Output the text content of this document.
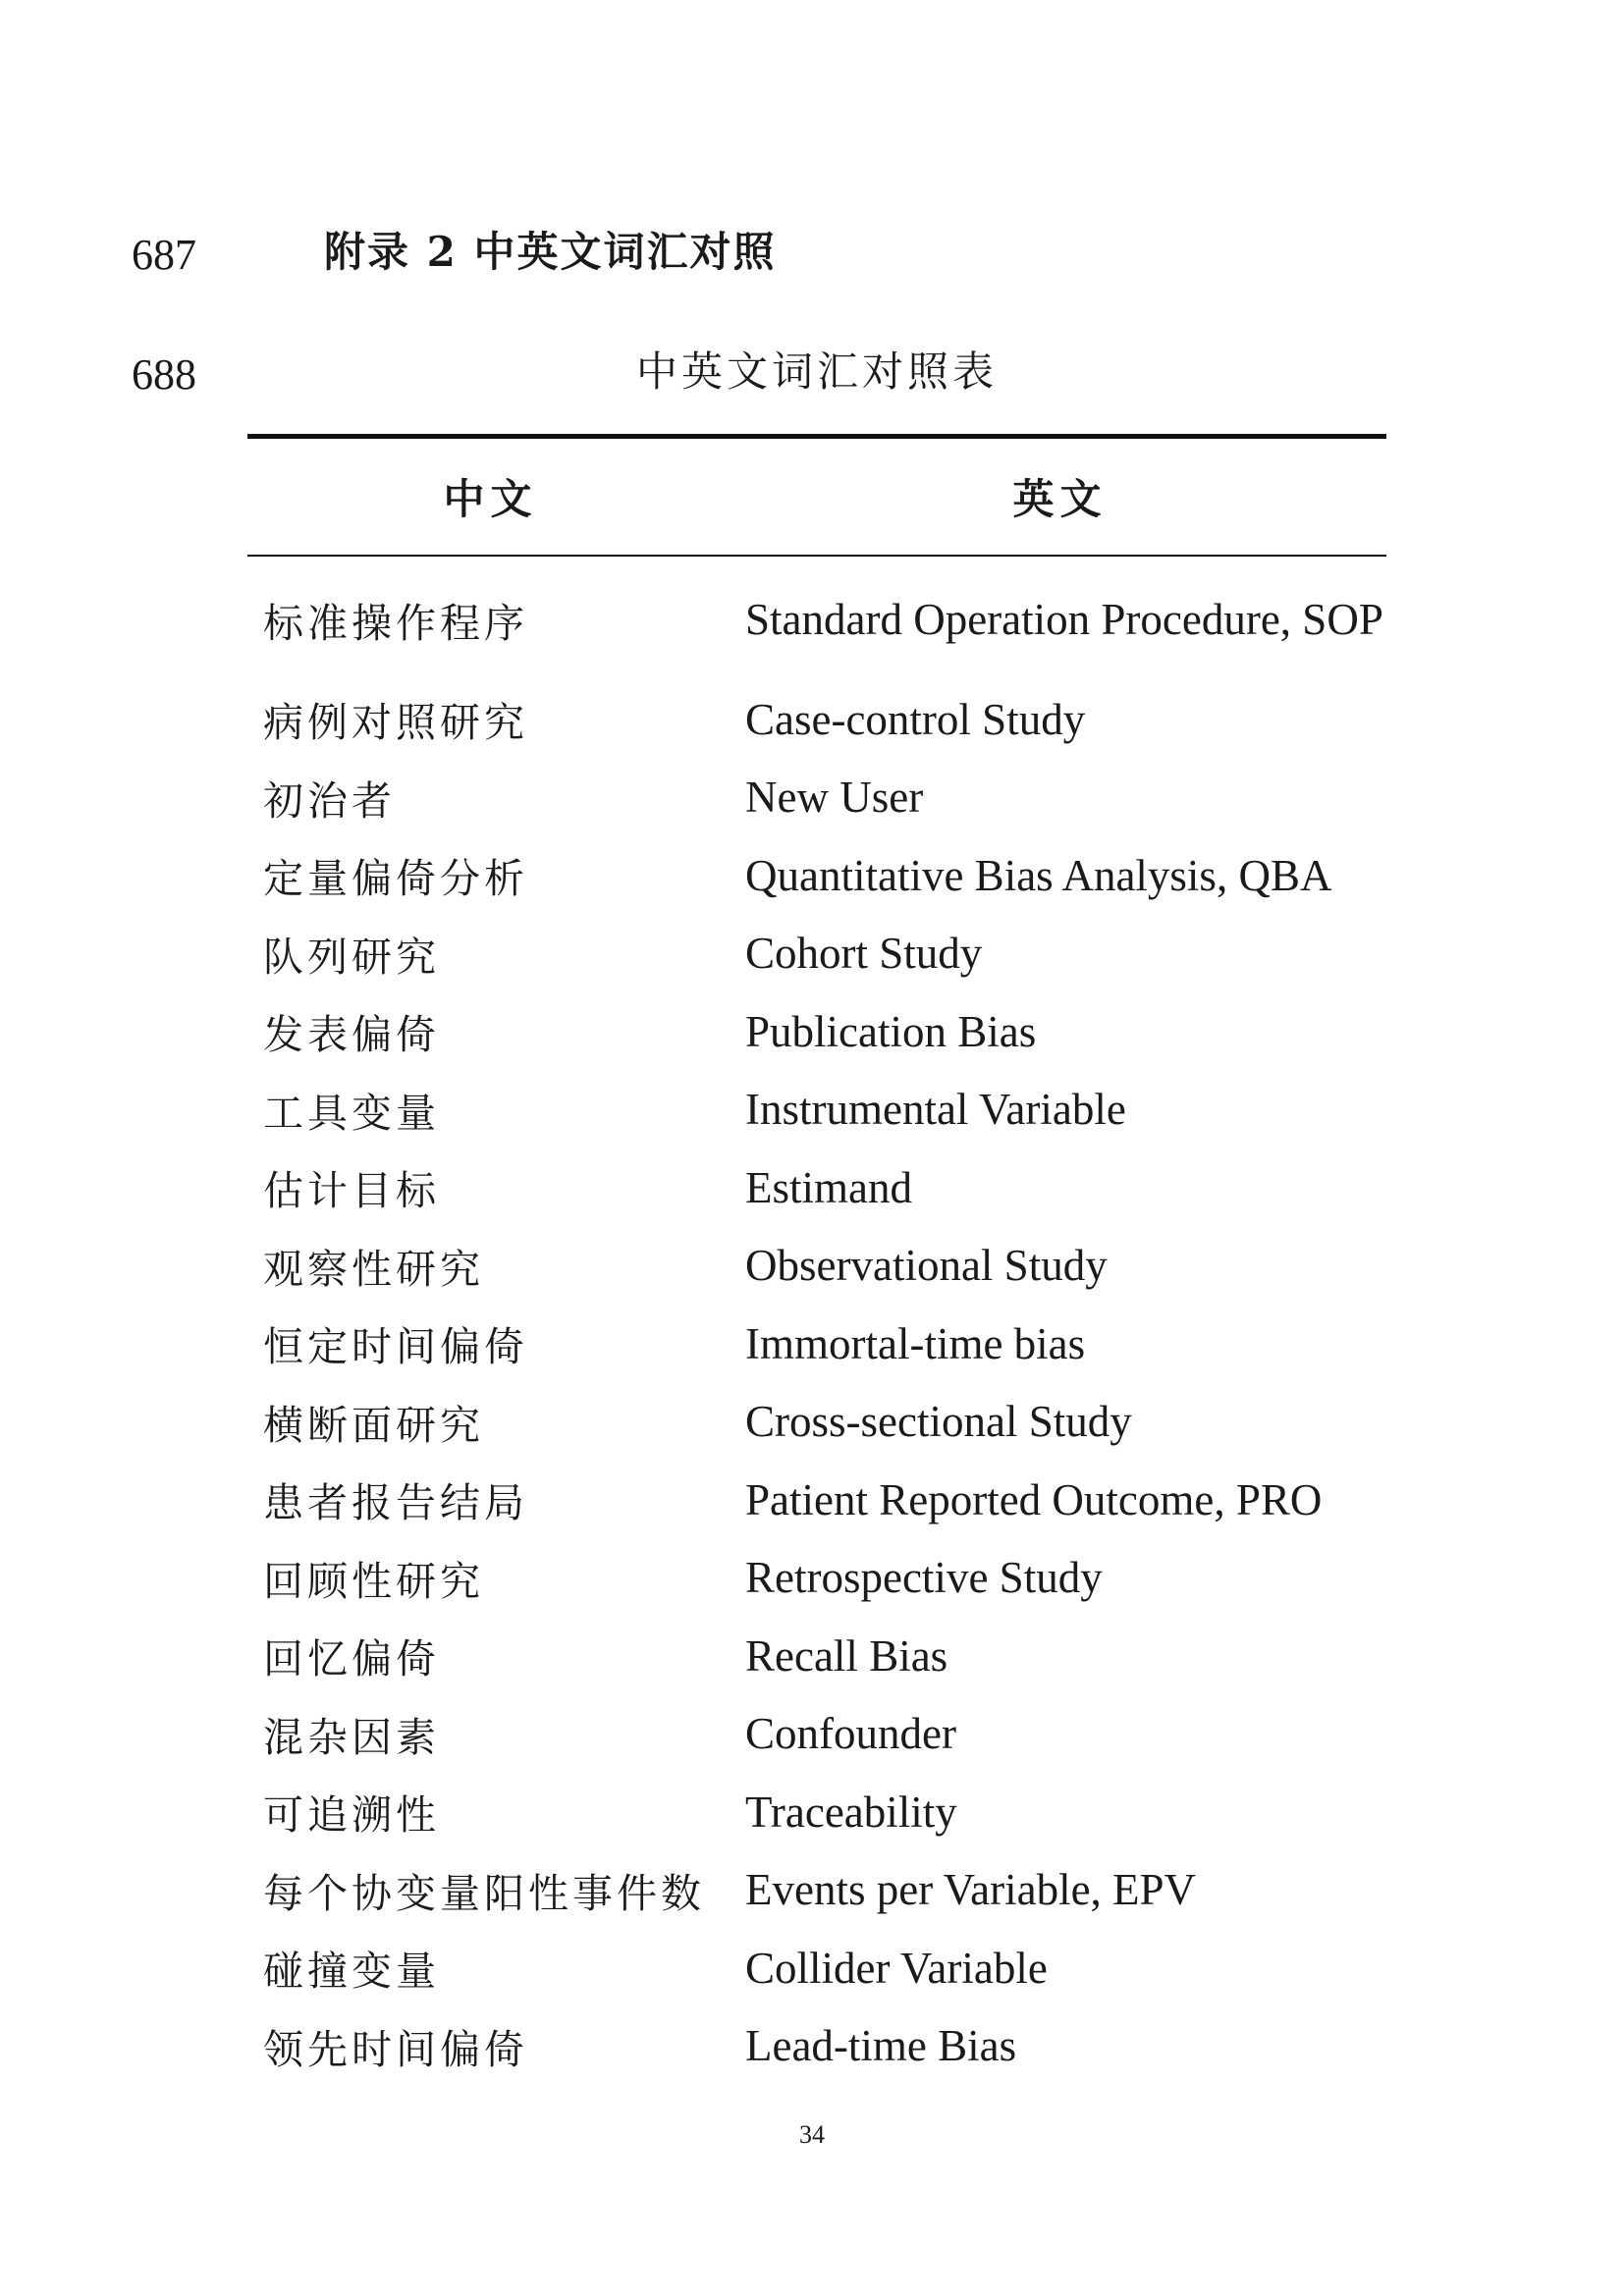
687	附录 2 中英文词汇对照
688	中英文词汇对照表
中文	英文
标准操作程序	Standard Operation Procedure, SOP
病例对照研究	Case-control Study
初治者	New User
定量偏倚分析	Quantitative Bias Analysis, QBA
队列研究	Cohort Study
发表偏倚	Publication Bias
工具变量	Instrumental Variable
估计目标	Estimand
观察性研究	Observational Study
恒定时间偏倚	Immortal-time bias
横断面研究	Cross-sectional Study
患者报告结局	Patient Reported Outcome, PRO
回顾性研究	Retrospective Study
回忆偏倚	Recall Bias
混杂因素	Confounder
可追溯性	Traceability
每个协变量阳性事件数 Events per Variable, EPV
碰撞变量	Collider Variable
领先时间偏倚	Lead-time Bias
34
